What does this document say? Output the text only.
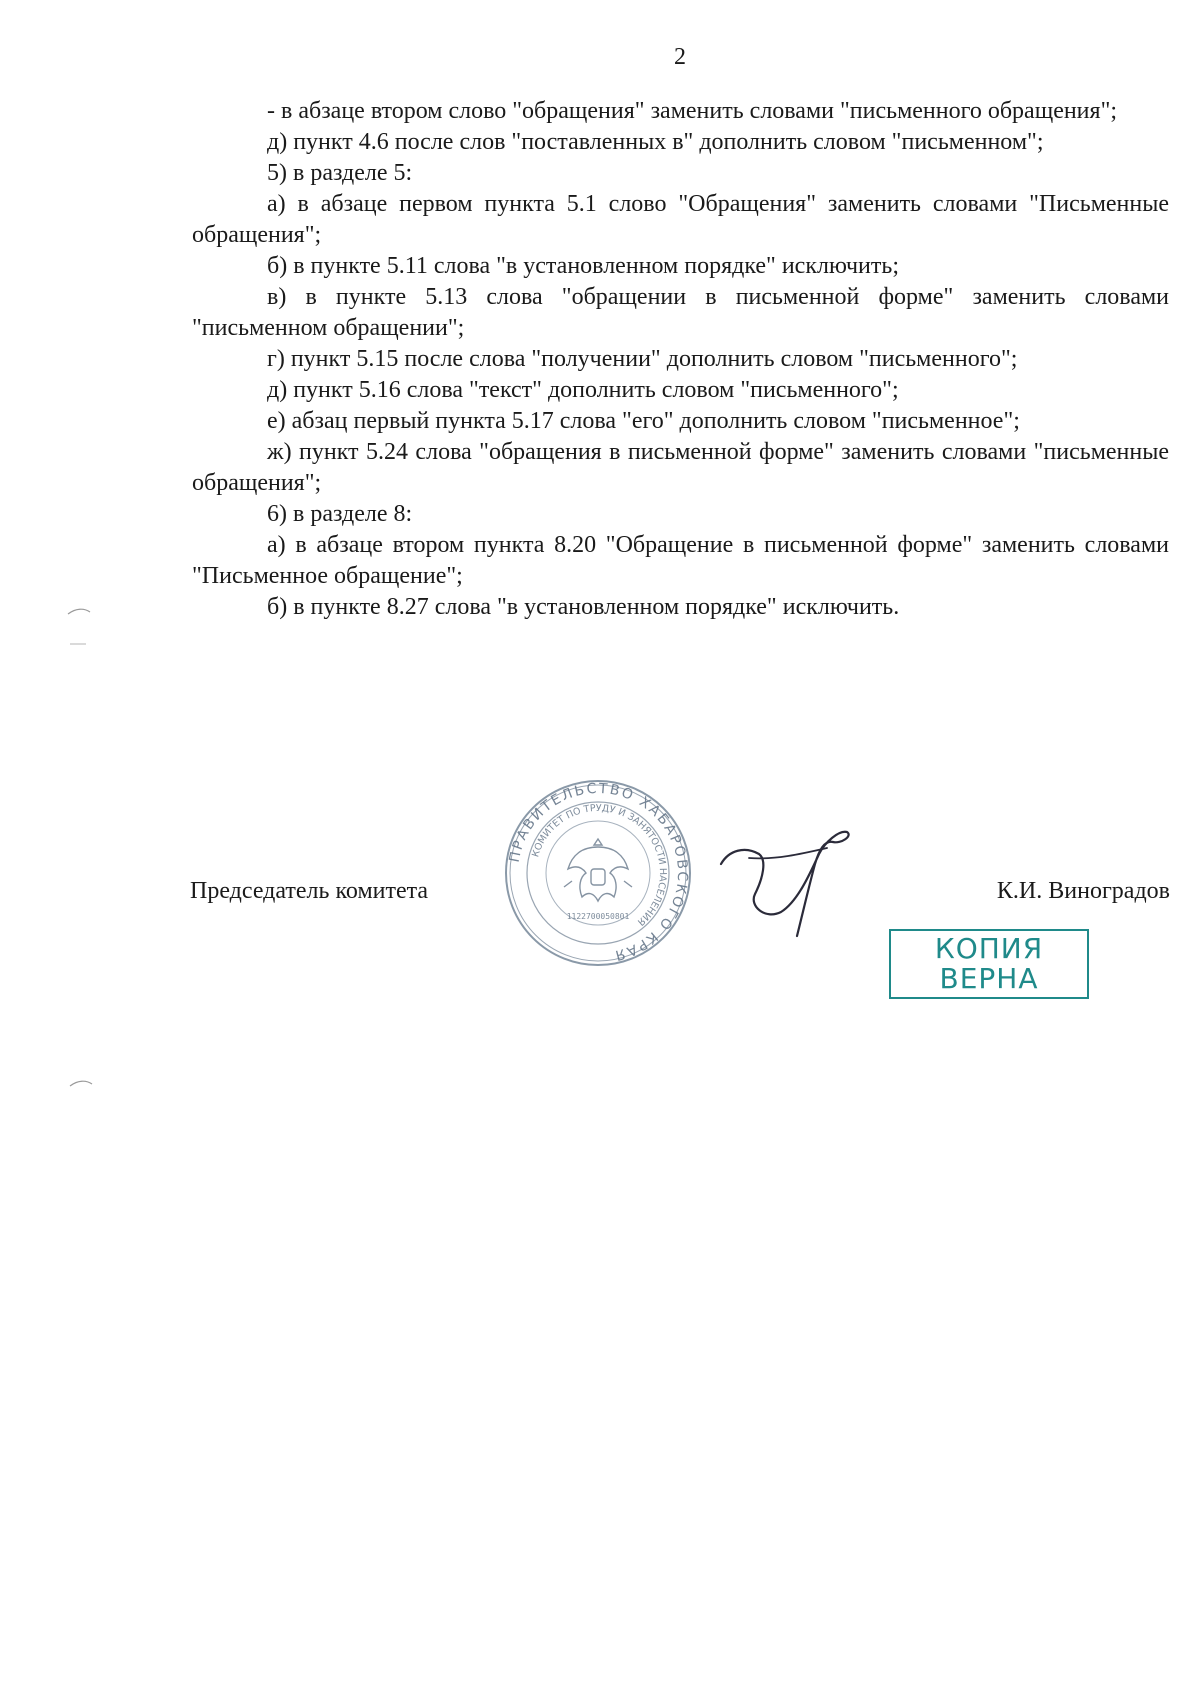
2

- в абзаце втором слово "обращения" заменить словами "письменного обращения";

д) пункт 4.6 после слов "поставленных в" дополнить словом "письменном";

5) в разделе 5:

а) в абзаце первом пункта 5.1 слово "Обращения" заменить словами "Письменные обращения";

б) в пункте 5.11 слова "в установленном порядке" исключить;

в) в пункте 5.13 слова "обращении в письменной форме" заменить словами "письменном обращении";

г) пункт 5.15 после слова "получении" дополнить словом "письменного";

д) пункт 5.16 слова "текст" дополнить словом "письменного";

е) абзац первый пункта 5.17 слова "его" дополнить словом "письменное";

ж) пункт 5.24 слова "обращения в письменной форме" заменить словами "письменные обращения";

6) в разделе 8:

а) в абзаце втором пункта 8.20 "Обращение в письменной форме" заменить словами "Письменное обращение";

б) в пункте 8.27 слова "в установленном порядке" исключить.

Председатель комитета	К.И. Виноградов
ПРАВИТЕЛЬСТВО ХАБАРОВСКОГО КРАЯ
КОМИТЕТ ПО ТРУДУ И ЗАНЯТОСТИ НАСЕЛЕНИЯ
1122700050801
КОПИЯ
ВЕРНА
